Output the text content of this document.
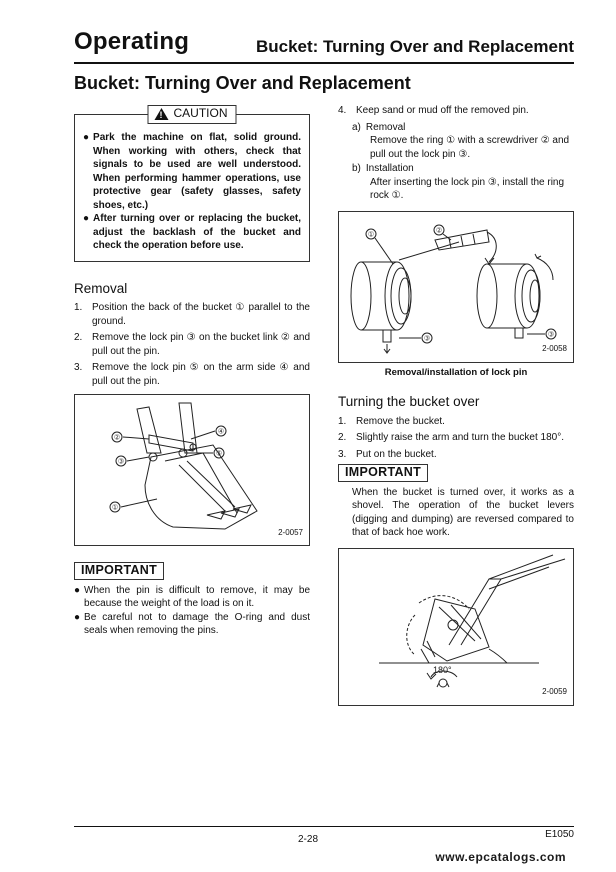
Operating	Bucket: Turning Over and Replacement
Bucket: Turning Over and Replacement
!
CAUTION
● Park the machine on flat, solid ground. When working with others, check that signals to be used are well understood. When performing hammer operations, use protective gear (safety glasses, safety shoes, etc.)
● After turning over or replacing the bucket, adjust the backlash of the bucket and check the operation before use.
Removal
1. Position the back of the bucket ① parallel to the ground.
2. Remove the lock pin ③ on the bucket link ② and pull out the pin.
3. Remove the lock pin ⑤ on the arm side ④ and pull out the pin.
②
③
④
⑤
①
2-0057
IMPORTANT
● When the pin is difficult to remove, it may be because the weight of the load is on it.
● Be careful not to damage the O-ring and dust seals when removing the pins.
4. Keep sand or mud off the removed pin.
a) Removal
Remove the ring ① with a screwdriver ② and pull out the lock pin ③.
b) Installation
After inserting the lock pin ③, install the ring rock ①.
①
②
③
③
2-0058
Removal/installation of lock pin
Turning the bucket over
1. Remove the bucket.
2. Slightly raise the arm and turn the bucket 180°.
3. Put on the bucket.
IMPORTANT
When the bucket is turned over, it works as a shovel. The operation of the bucket levers (digging and dumping) are reversed compared to that of back hoe work.
180°
2-0059
2-28	E1050
www.epcatalogs.com
